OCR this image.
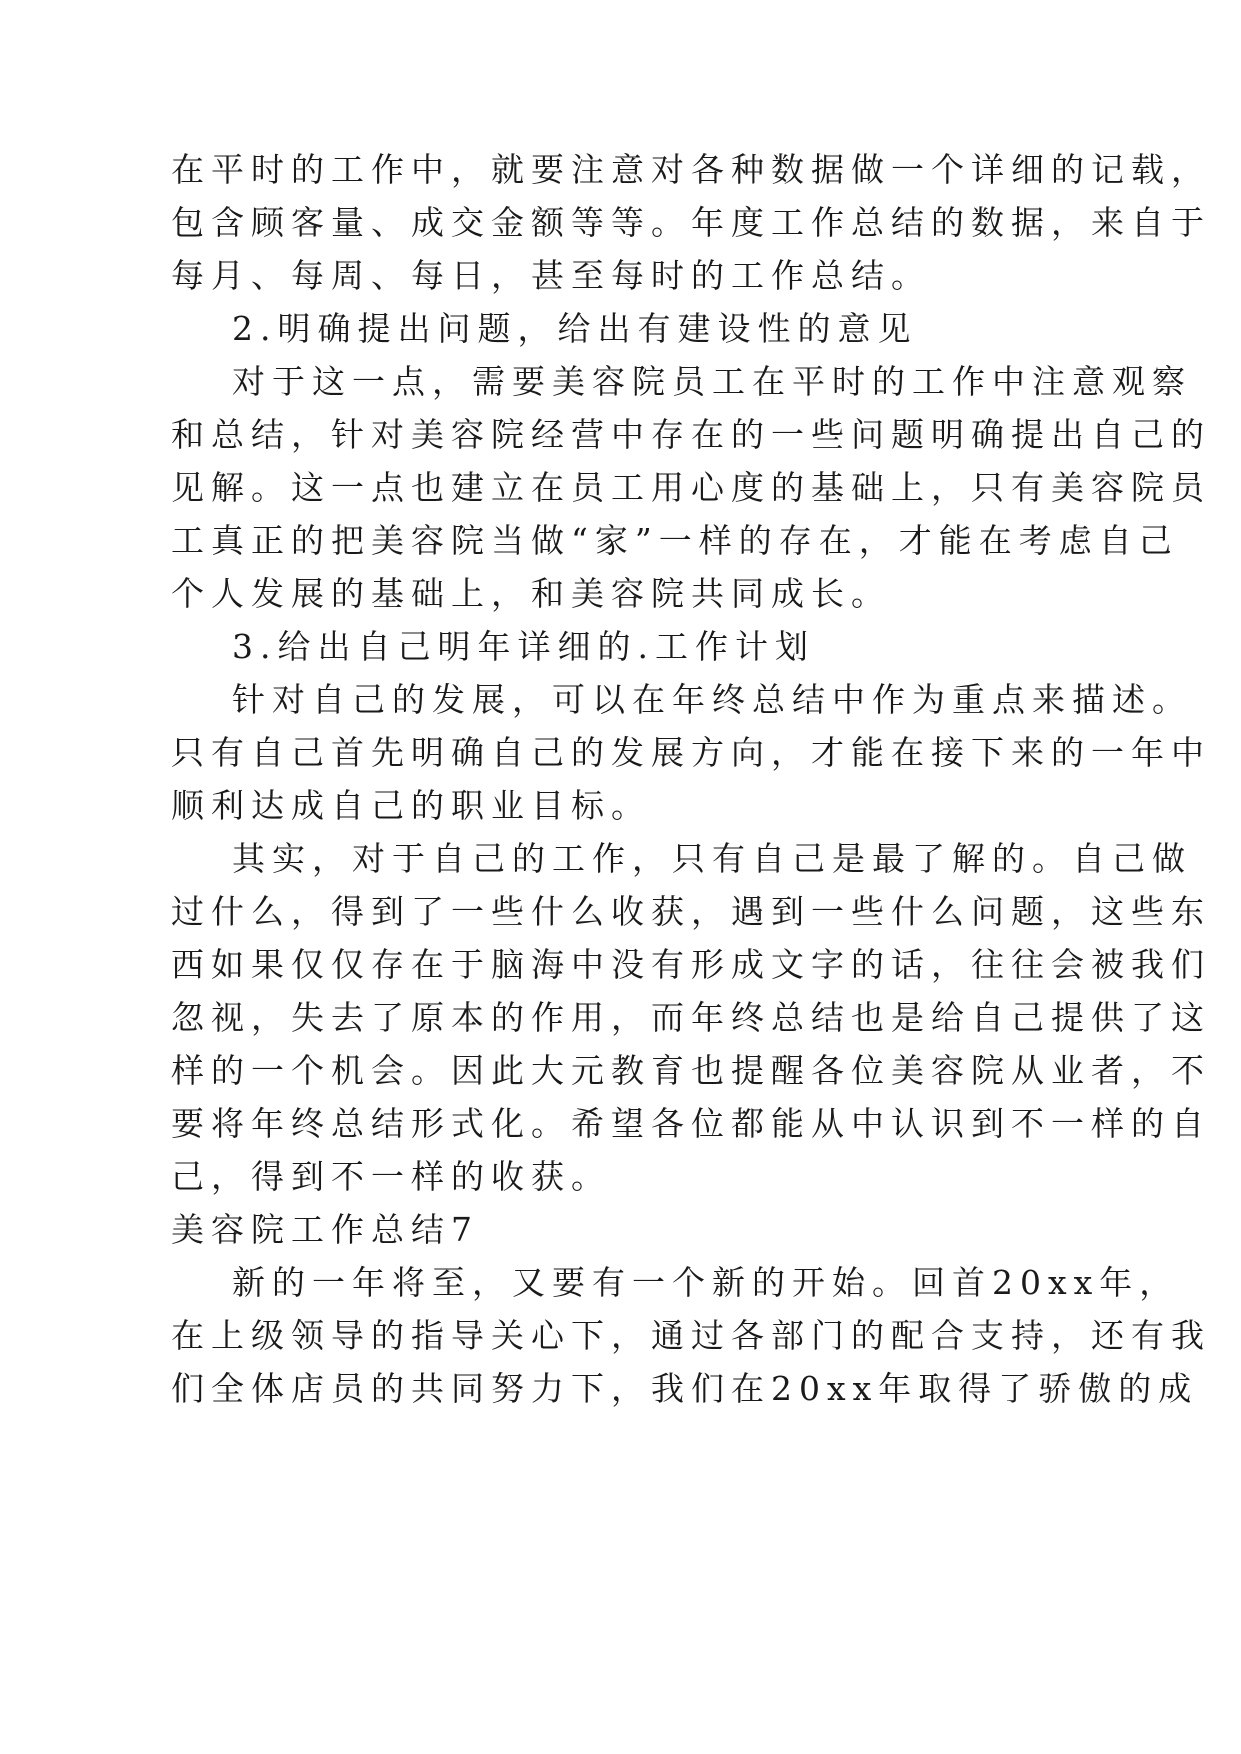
在平时的工作中，就要注意对各种数据做一个详细的记载，
包含顾客量、成交金额等等。年度工作总结的数据，来自于
每月、每周、每日，甚至每时的工作总结。
2.明确提出问题，给出有建设性的意见
对于这一点，需要美容院员工在平时的工作中注意观察
和总结，针对美容院经营中存在的一些问题明确提出自己的
见解。这一点也建立在员工用心度的基础上，只有美容院员
工真正的把美容院当做“家”一样的存在，才能在考虑自己
个人发展的基础上，和美容院共同成长。
3.给出自己明年详细的.工作计划
针对自己的发展，可以在年终总结中作为重点来描述。
只有自己首先明确自己的发展方向，才能在接下来的一年中
顺利达成自己的职业目标。
其实，对于自己的工作，只有自己是最了解的。自己做
过什么，得到了一些什么收获，遇到一些什么问题，这些东
西如果仅仅存在于脑海中没有形成文字的话，往往会被我们
忽视，失去了原本的作用，而年终总结也是给自己提供了这
样的一个机会。因此大元教育也提醒各位美容院从业者，不
要将年终总结形式化。希望各位都能从中认识到不一样的自
己，得到不一样的收获。
美容院工作总结7
新的一年将至，又要有一个新的开始。回首20xx年，
在上级领导的指导关心下，通过各部门的配合支持，还有我
们全体店员的共同努力下，我们在20xx年取得了骄傲的成
